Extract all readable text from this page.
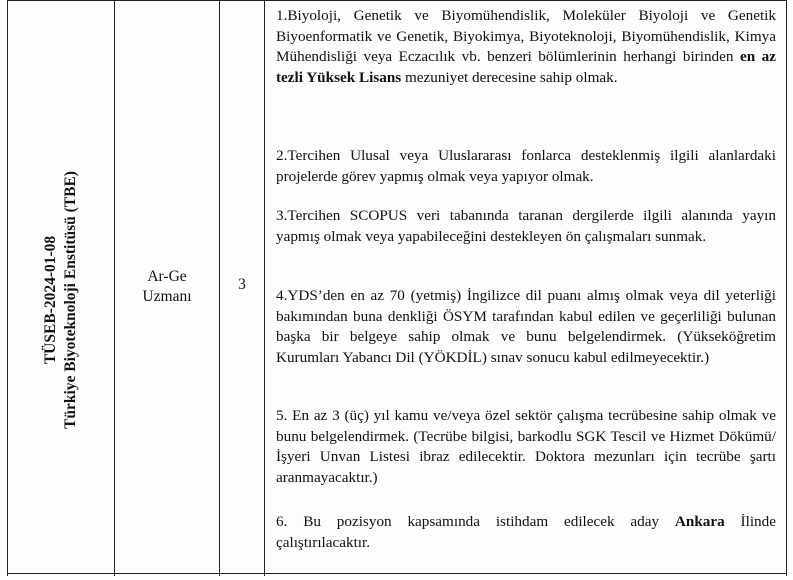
TÜSEB-2024-01-08 Türkiye Biyoteknoloji Enstitüsü (TBE)	Ar-Ge
Uzmanı
3
1.Biyoloji, Genetik ve Biyomühendislik, Moleküler Biyoloji ve Genetik Biyoenformatik ve Genetik, Biyokimya, Biyoteknoloji, Biyomühendislik, Kimya Mühendisliği veya Eczacılık vb. benzeri bölümlerinin herhangi birinden en az tezli Yüksek Lisans mezuniyet derecesine sahip olmak.
2.Tercihen Ulusal veya Uluslararası fonlarca desteklenmiş ilgili alanlardaki projelerde görev yapmış olmak veya yapıyor olmak.
3.Tercihen SCOPUS veri tabanında taranan dergilerde ilgili alanında yayın yapmış olmak veya yapabileceğini destekleyen ön çalışmaları sunmak.
4.YDS’den en az 70 (yetmiş) İngilizce dil puanı almış olmak veya dil yeterliği bakımından buna denkliği ÖSYM tarafından kabul edilen ve geçerliliği bulunan başka bir belgeye sahip olmak ve bunu belgelendirmek. (Yükseköğretim Kurumları Yabancı Dil (YÖKDİL) sınav sonucu kabul edilmeyecektir.)
5. En az 3 (üç) yıl kamu ve/veya özel sektör çalışma tecrübesine sahip olmak ve bunu belgelendirmek. (Tecrübe bilgisi, barkodlu SGK Tescil ve Hizmet Dökümü/İşyeri Unvan Listesi ibraz edilecektir. Doktora mezunları için tecrübe şartı aranmayacaktır.)
6. Bu pozisyon kapsamında istihdam edilecek aday Ankara İlinde çalıştırılacaktır.
